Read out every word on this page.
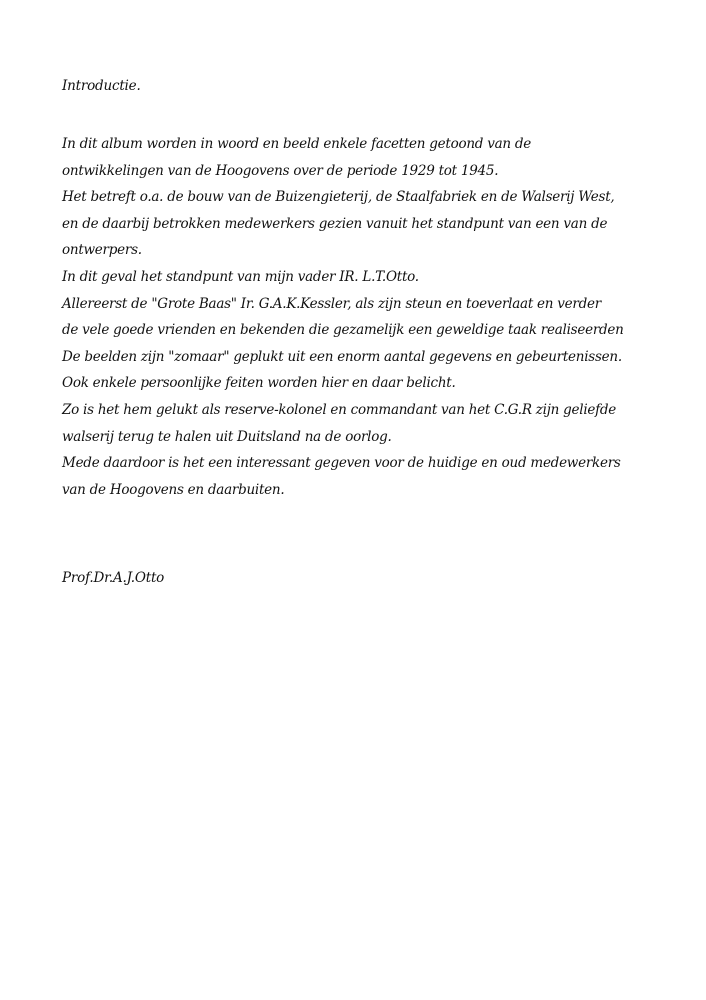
Introductie.
In dit album worden in woord en beeld enkele facetten getoond van de
ontwikkelingen van de Hoogovens over de periode 1929 tot 1945.
Het betreft o.a. de bouw van de Buizengieterij, de Staalfabriek en de Walserij West,
en de daarbij betrokken medewerkers gezien vanuit het standpunt van een van de
ontwerpers.
In dit geval het standpunt van mijn vader IR. L.T.Otto.
Allereerst de "Grote Baas" Ir. G.A.K.Kessler, als zijn steun en toeverlaat en verder
de vele goede vrienden en bekenden die gezamelijk een geweldige taak realiseerden
De beelden zijn "zomaar" geplukt uit een enorm aantal gegevens en gebeurtenissen.
Ook enkele persoonlijke feiten worden hier en daar belicht.
Zo is het hem gelukt als reserve-kolonel en commandant van het C.G.R zijn geliefde
walserij terug te halen uit Duitsland na de oorlog.
Mede daardoor is het een interessant gegeven voor de huidige en oud medewerkers
van de Hoogovens en daarbuiten.
Prof.Dr.A.J.Otto
